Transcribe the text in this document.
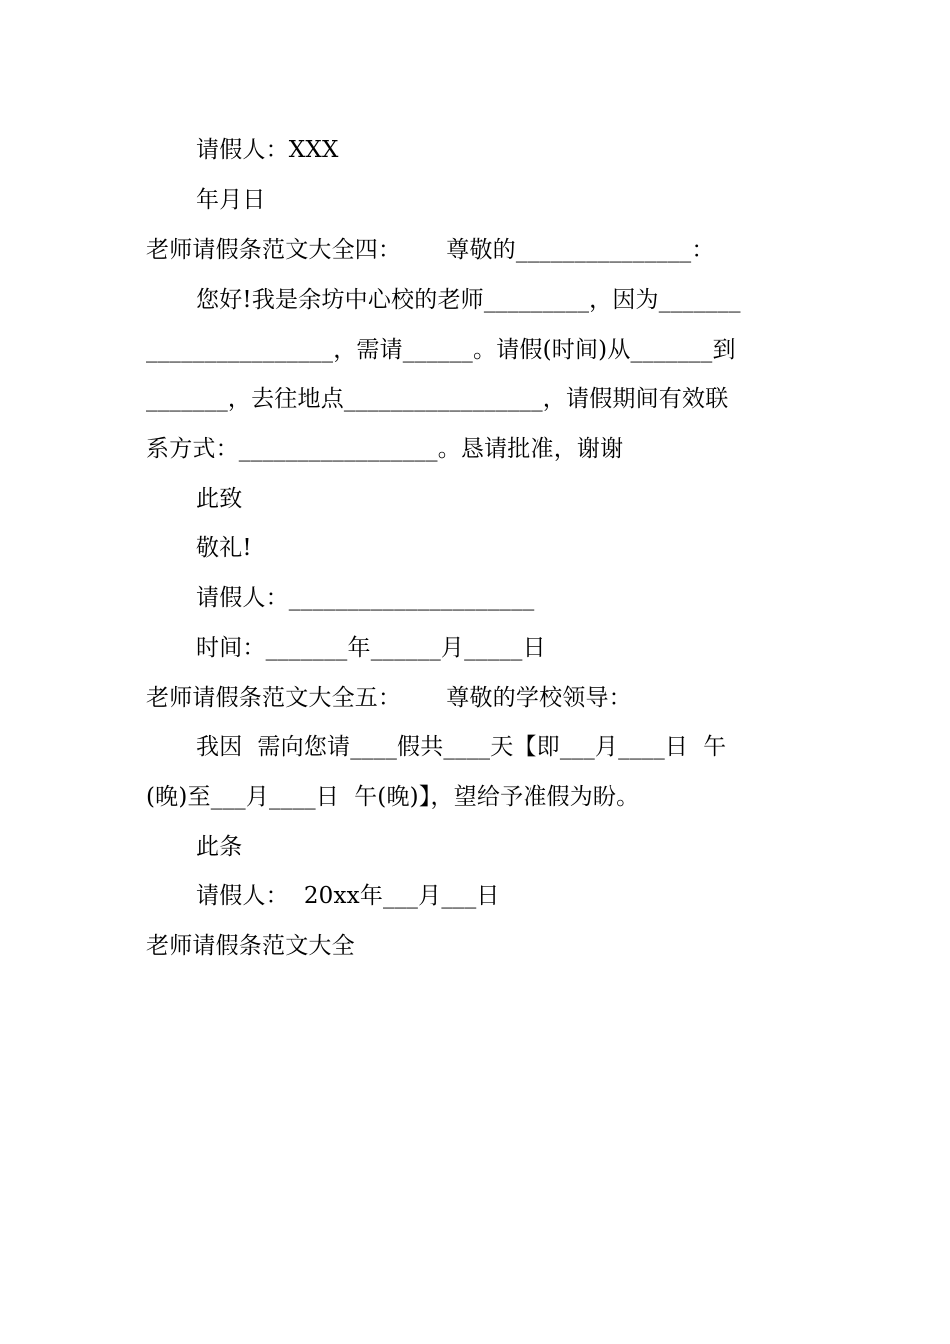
请假人：XXX
年月日
老师请假条范文大全四：      尊敬的_______________：
您好!我是余坊中心校的老师_________，因为_______
________________，需请______。请假(时间)从_______到
_______，去往地点_________________，请假期间有效联
系方式：_________________。恳请批准，谢谢
此致
敬礼!
请假人：_____________________
时间：_______年______月_____日
老师请假条范文大全五：      尊敬的学校领导：
我因  需向您请____假共____天【即___月____日  午
(晚)至___月____日  午(晚)】，望给予准假为盼。
此条
请假人：  20xx年___月___日
老师请假条范文大全
